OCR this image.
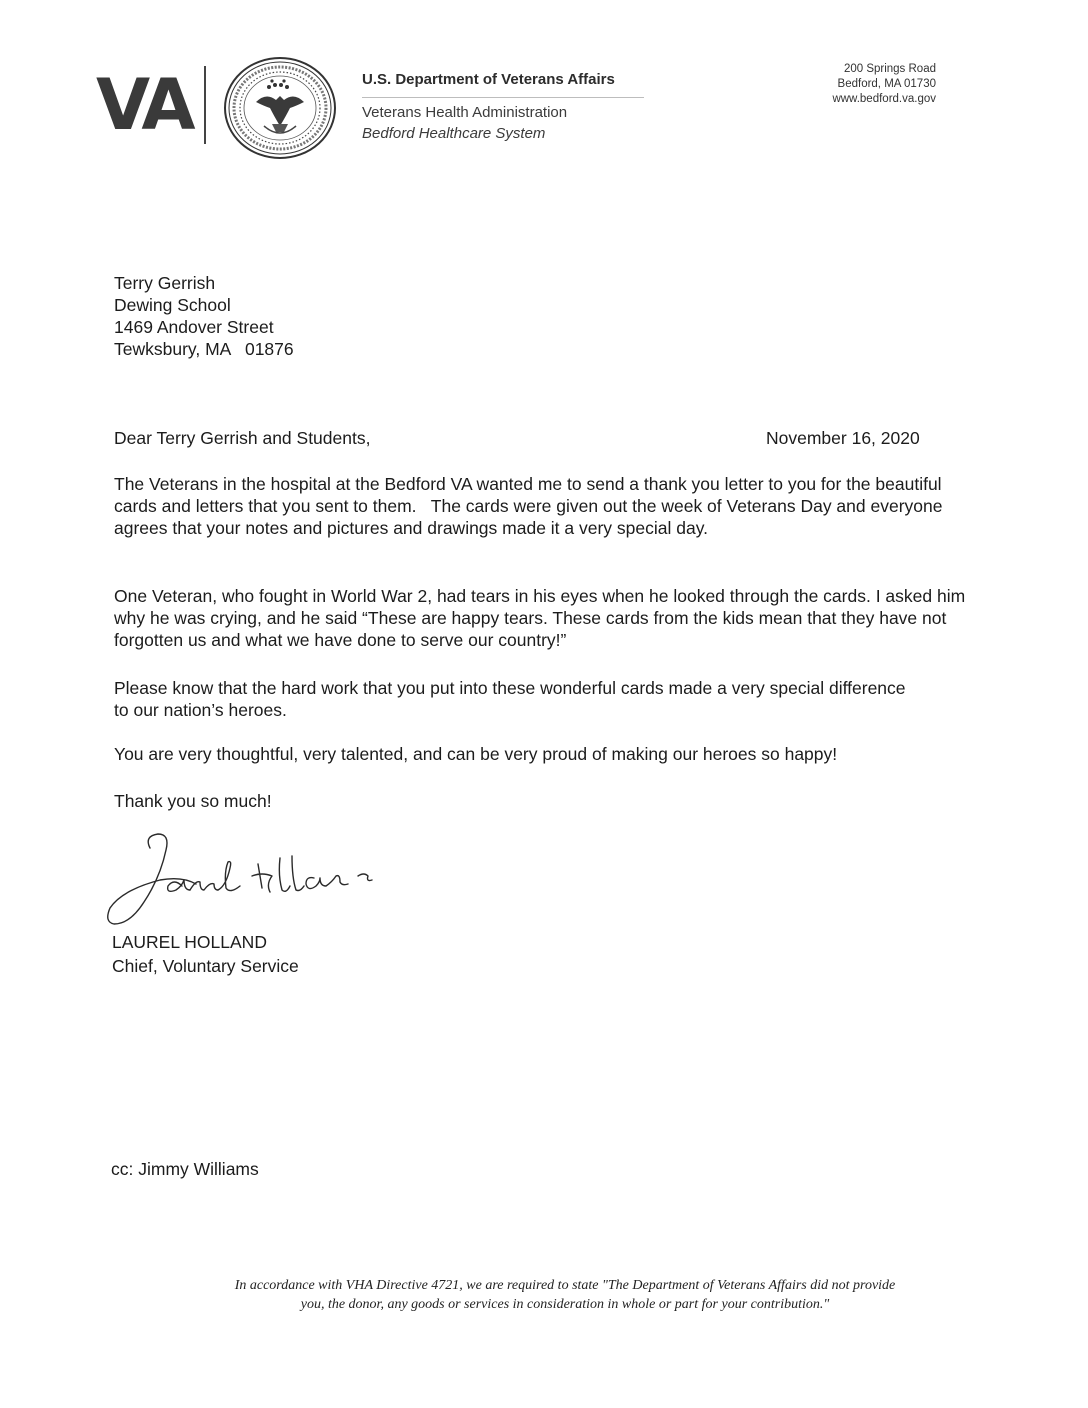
VA	U.S. Department of Veterans Affairs
Veterans Health Administration
Bedford Healthcare System
200 Springs Road
Bedford, MA 01730
www.bedford.va.gov
Terry Gerrish
Dewing School
1469 Andover Street
Tewksbury, MA   01876
Dear Terry Gerrish and Students,	November 16, 2020
The Veterans in the hospital at the Bedford VA wanted me to send a thank you letter to you for the beautiful cards and letters that you sent to them.   The cards were given out the week of Veterans Day and everyone agrees that your notes and pictures and drawings made it a very special day.
One Veteran, who fought in World War 2, had tears in his eyes when he looked through the cards. I asked him why he was crying, and he said “These are happy tears. These cards from the kids mean that they have not forgotten us and what we have done to serve our country!”
Please know that the hard work that you put into these wonderful cards made a very special difference to our nation’s heroes.
You are very thoughtful, very talented, and can be very proud of making our heroes so happy!
Thank you so much!
LAUREL HOLLAND
Chief, Voluntary Service
cc: Jimmy Williams
In accordance with VHA Directive 4721, we are required to state "The Department of Veterans Affairs did not provide
you, the donor, any goods or services in consideration in whole or part for your contribution."
